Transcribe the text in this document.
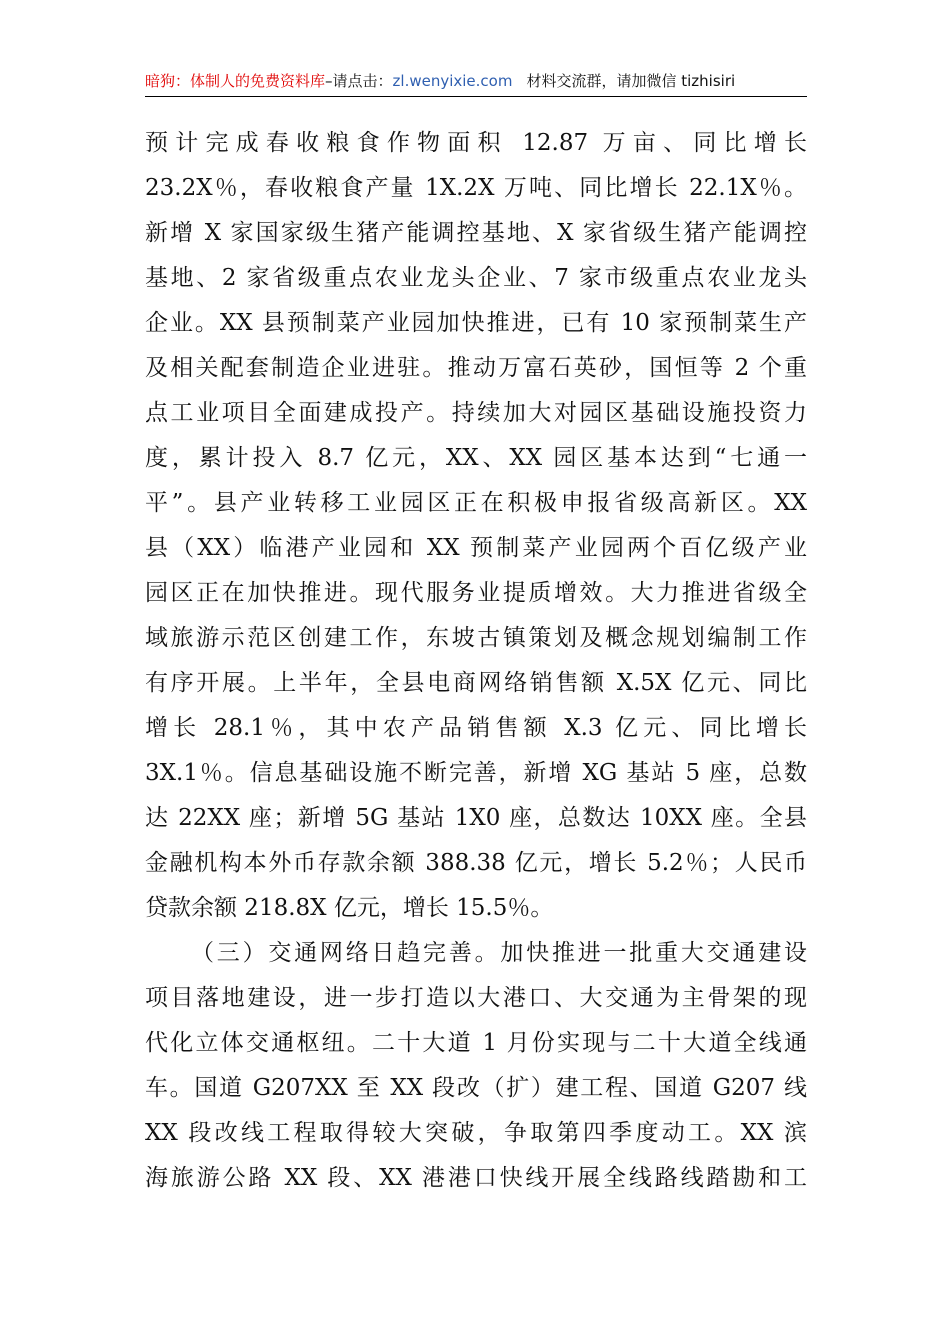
暗狗：体制人的免费资料库–请点击：zl.wenyixie.com 材料交流群，请加微信 tizhisiri
预计完成春收粮食作物面积 12.87 万亩、同比增长
23.2X％，春收粮食产量 1X.2X 万吨、同比增长 22.1X％。
新增 X 家国家级生猪产能调控基地、X 家省级生猪产能调控
基地、2 家省级重点农业龙头企业、7 家市级重点农业龙头
企业。XX 县预制菜产业园加快推进，已有 10 家预制菜生产
及相关配套制造企业进驻。推动万富石英砂，国恒等 2 个重
点工业项目全面建成投产。持续加大对园区基础设施投资力
度，累计投入 8.7 亿元，XX、XX 园区基本达到“七通一
平”。县产业转移工业园区正在积极申报省级高新区。XX
县（XX）临港产业园和 XX 预制菜产业园两个百亿级产业
园区正在加快推进。现代服务业提质增效。大力推进省级全
域旅游示范区创建工作，东坡古镇策划及概念规划编制工作
有序开展。上半年，全县电商网络销售额 X.5X 亿元、同比
增长 28.1％，其中农产品销售额 X.3 亿元、同比增长
3X.1％。信息基础设施不断完善，新增 XG 基站 5 座，总数
达 22XX 座；新增 5G 基站 1X0 座，总数达 10XX 座。全县
金融机构本外币存款余额 388.38 亿元，增长 5.2％；人民币
贷款余额 218.8X 亿元，增长 15.5％。
（三）交通网络日趋完善。加快推进一批重大交通建设
项目落地建设，进一步打造以大港口、大交通为主骨架的现
代化立体交通枢纽。二十大道 1 月份实现与二十大道全线通
车。国道 G207XX 至 XX 段改（扩）建工程、国道 G207 线
XX 段改线工程取得较大突破，争取第四季度动工。XX 滨
海旅游公路 XX 段、XX 港港口快线开展全线路线踏勘和工
